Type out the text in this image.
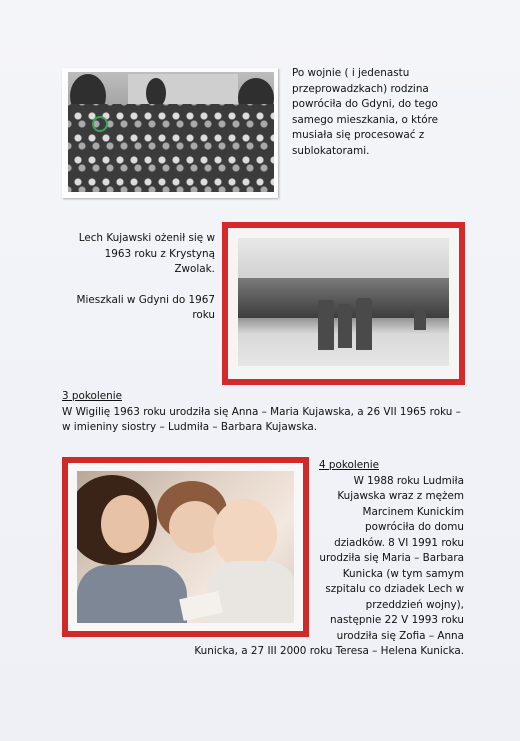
Po wojnie ( i jedenastu
przeprowadzkach) rodzina
powróciła do Gdyni, do tego
samego mieszkania, o które
musiała się procesować z
sublokatorami.
Lech Kujawski ożenił się w
1963 roku z Krystyną
Zwolak.
Mieszkali w Gdyni do 1967
roku
3 pokolenie
W Wigilię 1963 roku urodziła się Anna – Maria Kujawska, a 26 VII 1965 roku –
w imieniny siostry – Ludmiła – Barbara Kujawska.
4 pokolenie
W 1988 roku Ludmiła
Kujawska wraz z mężem
Marcinem Kunickim
powróciła do domu
dziadków. 8 VI 1991 roku
urodziła się Maria – Barbara
Kunicka (w tym samym
szpitalu co dziadek Lech w
przeddzień wojny),
następnie 22 V 1993 roku
urodziła się Zofia – Anna
Kunicka, a 27 III 2000 roku Teresa – Helena Kunicka.
